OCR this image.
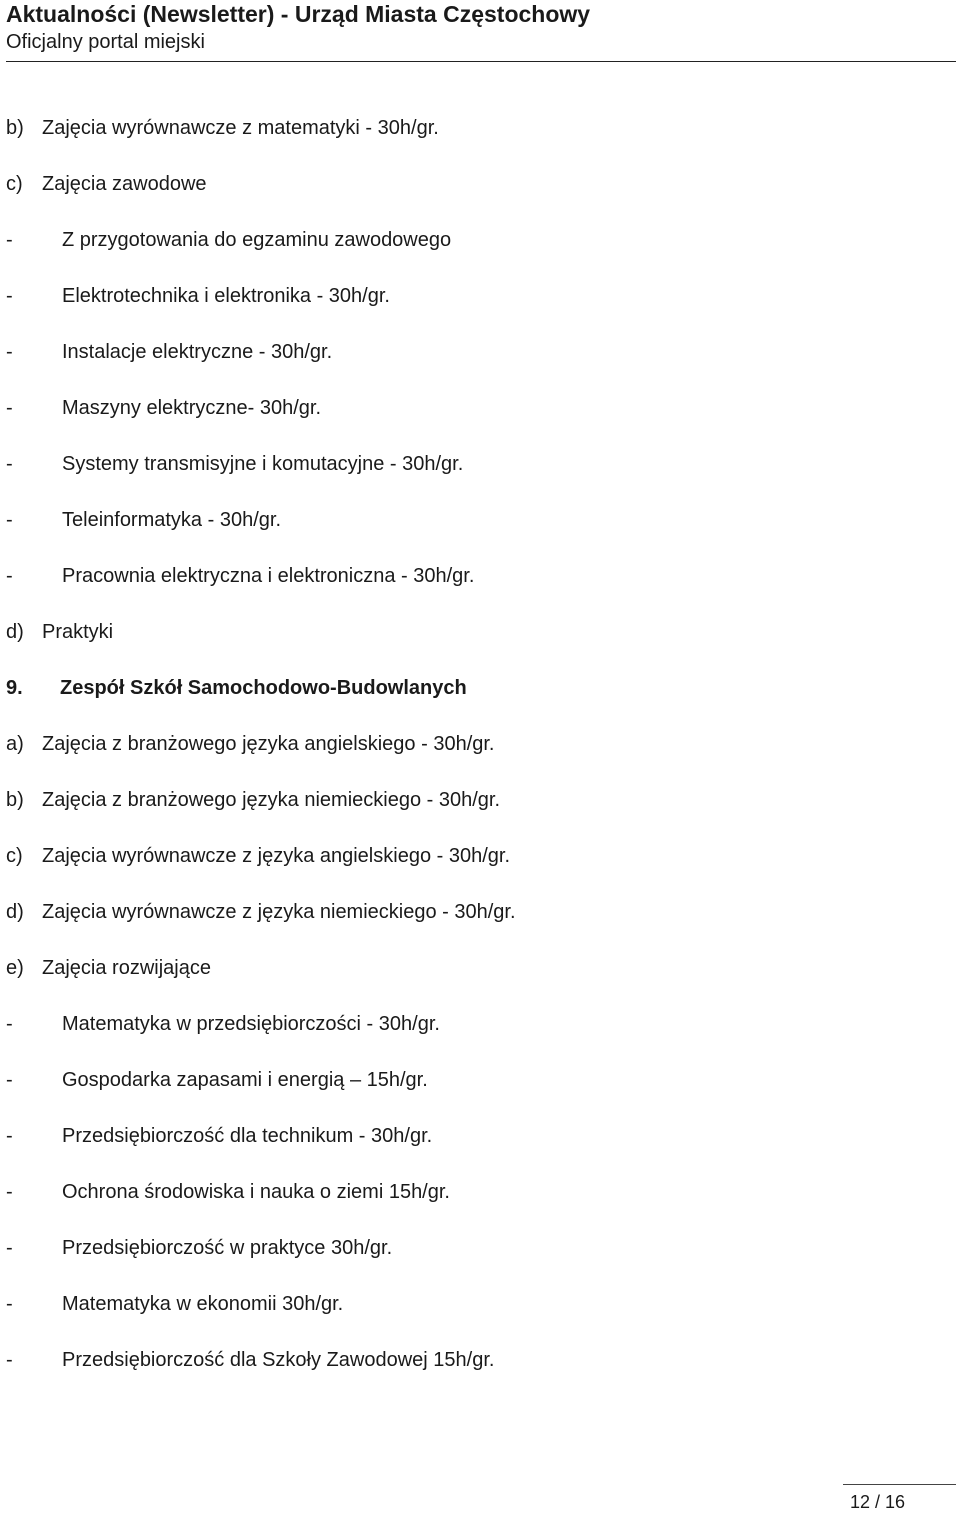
Aktualności (Newsletter) - Urząd Miasta Częstochowy
Oficjalny portal miejski
b) Zajęcia wyrównawcze z matematyki - 30h/gr.
c) Zajęcia zawodowe
- Z przygotowania do egzaminu zawodowego
- Elektrotechnika i elektronika - 30h/gr.
- Instalacje elektryczne - 30h/gr.
- Maszyny elektryczne- 30h/gr.
- Systemy transmisyjne i komutacyjne - 30h/gr.
- Teleinformatyka - 30h/gr.
- Pracownia elektryczna i elektroniczna - 30h/gr.
d) Praktyki
9. Zespół Szkół Samochodowo-Budowlanych
a) Zajęcia z branżowego języka angielskiego - 30h/gr.
b) Zajęcia z branżowego języka niemieckiego - 30h/gr.
c) Zajęcia wyrównawcze z języka angielskiego - 30h/gr.
d) Zajęcia wyrównawcze z języka niemieckiego - 30h/gr.
e) Zajęcia rozwijające
- Matematyka w przedsiębiorczości - 30h/gr.
- Gospodarka zapasami i energią – 15h/gr.
- Przedsiębiorczość dla technikum - 30h/gr.
- Ochrona środowiska i nauka o ziemi 15h/gr.
- Przedsiębiorczość w praktyce 30h/gr.
- Matematyka w ekonomii 30h/gr.
- Przedsiębiorczość dla Szkoły Zawodowej 15h/gr.
12 / 16
